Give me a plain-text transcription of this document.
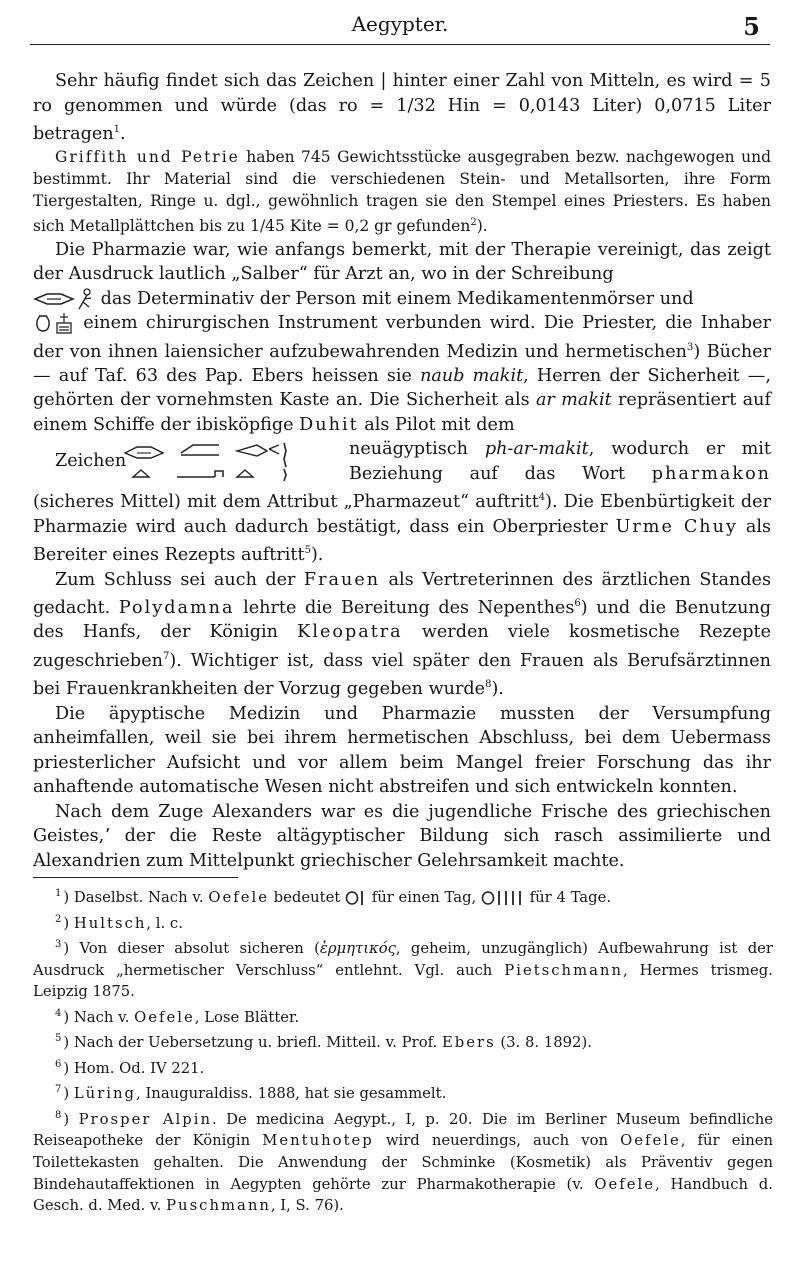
Aegypter.	5

Sehr häufig findet sich das Zeichen | hinter einer Zahl von Mitteln, es wird = 5 ro genommen und würde (das ro = 1/32 Hin = 0,0143 Liter) 0,0715 Liter betragen$^1$.

Griffith und Petrie haben 745 Gewichtsstücke ausgegraben bezw. nachgewogen und bestimmt. Ihr Material sind die verschiedenen Stein- und Metallsorten, ihre Form Tiergestalten, Ringe u. dgl., gewöhnlich tragen sie den Stempel eines Priesters. Es haben sich Metallplättchen bis zu 1/45 Kite = 0,2 gr gefunden$^2$).

Die Pharmazie war, wie anfangs bemerkt, mit der Therapie vereinigt, das zeigt der Ausdruck lautlich „Salber“ für Arzt an, wo in der Schreibung
das Determinativ der Person mit einem Medikamentenmörser und
einem chirurgischen Instrument verbunden wird. Die Priester, die Inhaber der von ihnen laiensicher aufzubewahrenden Medizin und hermetischen$^3$) Bücher — auf Taf. 63 des Pap. Ebers heissen sie naub makit, Herren der Sicherheit —, gehörten der vornehmsten Kaste an. Die Sicherheit als ar makit repräsentiert auf einem Schiffe der ibisköpfige Duhit als Pilot mit dem

Zeichen
neuägyptisch ph-ar-makit, wodurch er mit Beziehung auf das Wort pharmakon (sicheres Mittel) mit dem Attribut „Pharmazeut“ auftritt$^4$). Die Ebenbürtigkeit der Pharmazie wird auch dadurch bestätigt, dass ein Oberpriester Urme Chuy als Bereiter eines Rezepts auftritt$^5$).

Zum Schluss sei auch der Frauen als Vertreterinnen des ärztlichen Standes gedacht. Polydamna lehrte die Bereitung des Nepenthes$^6$) und die Benutzung des Hanfs, der Königin Kleopatra werden viele kosmetische Rezepte zugeschrieben$^7$). Wichtiger ist, dass viel später den Frauen als Berufsärztinnen bei Frauenkrankheiten der Vorzug gegeben wurde$^8$).

Die äpyptische Medizin und Pharmazie mussten der Versumpfung anheimfallen, weil sie bei ihrem hermetischen Abschluss, bei dem Uebermass priesterlicher Aufsicht und vor allem beim Mangel freier Forschung das ihr anhaftende automatische Wesen nicht abstreifen und sich entwickeln konnten.

Nach dem Zuge Alexanders war es die jugendliche Frische des griechischen Geistes,ʼ der die Reste altägyptischer Bildung sich rasch assimilierte und Alexandrien zum Mittelpunkt griechischer Gelehrsamkeit machte.

$^1$ ) Daselbst. Nach v. Oefele bedeutet  für einen Tag,	für 4 Tage.

$^2$ ) Hultsch, l. c.

$^3$ ) Von dieser absolut sicheren (ἑρμητικός, geheim, unzugänglich) Aufbewahrung ist der Ausdruck „hermetischer Verschluss“ entlehnt. Vgl. auch Pietschmann, Hermes trismeg. Leipzig 1875.

$^4$ ) Nach v. Oefele, Lose Blätter.

$^5$ ) Nach der Uebersetzung u. briefl. Mitteil. v. Prof. Ebers (3. 8. 1892).

$^6$ ) Hom. Od. IV 221.

$^7$ ) Lüring, Inauguraldiss. 1888, hat sie gesammelt.

$^8$ ) Prosper Alpin. De medicina Aegypt., I, p. 20. Die im Berliner Museum befindliche Reiseapotheke der Königin Mentuhotep wird neuerdings, auch von Oefele, für einen Toilettekasten gehalten. Die Anwendung der Schminke (Kosmetik) als Präventiv gegen Bindehautaffektionen in Aegypten gehörte zur Pharmakotherapie (v. Oefele, Handbuch d. Gesch. d. Med. v. Puschmann, I, S. 76).
